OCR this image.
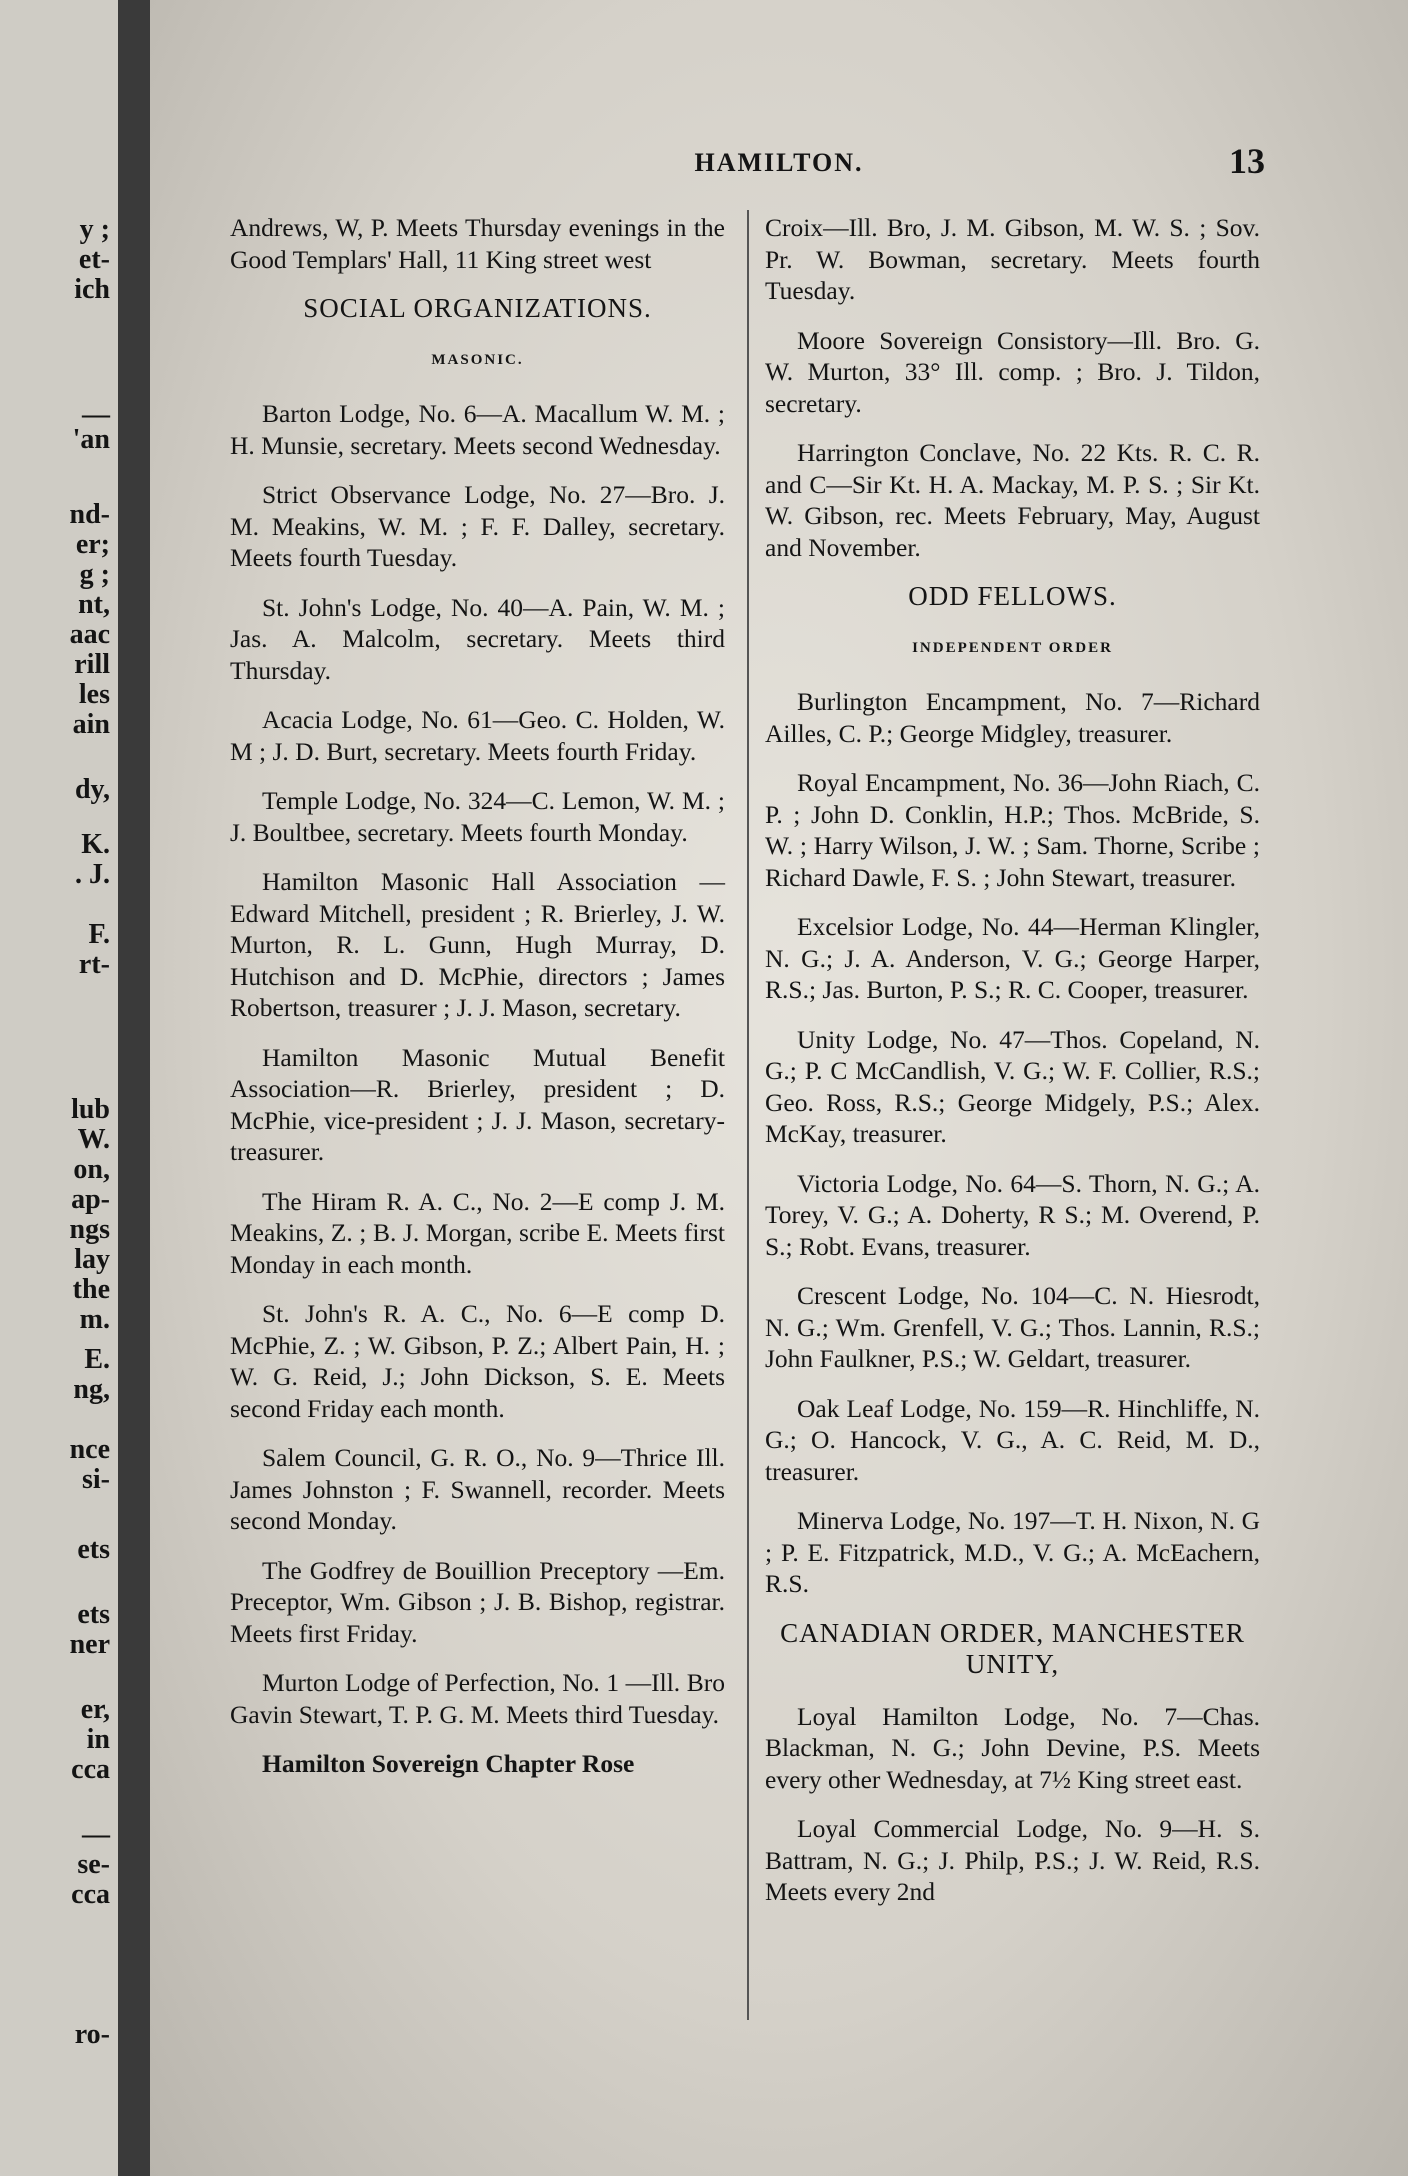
y ;
et-
ich
—
'an
nd-
er;
g ;
nt,
aac
rill
les
ain
dy,
K.
. J.
F.
rt-
lub
W.
on,
ap-
ngs
lay
the
m.
E.
ng,
nce
si-
ets
ets
ner
er,
in
cca
—
se-
cca
ro-
HAMILTON.	13

Andrews, W, P. Meets Thursday evenings in the Good Templars' Hall, 11 King street west

SOCIAL ORGANIZATIONS.
MASONIC.

Barton Lodge, No. 6—A. Macallum W. M. ; H. Munsie, secretary. Meets second Wednesday.

Strict Observance Lodge, No. 27—Bro. J. M. Meakins, W. M. ; F. F. Dalley, secretary. Meets fourth Tuesday.

St. John's Lodge, No. 40—A. Pain, W. M. ; Jas. A. Malcolm, secretary. Meets third Thursday.

Acacia Lodge, No. 61—Geo. C. Holden, W. M ; J. D. Burt, secretary. Meets fourth Friday.

Temple Lodge, No. 324—C. Lemon, W. M. ; J. Boultbee, secretary. Meets fourth Monday.

Hamilton Masonic Hall Association —Edward Mitchell, president ; R. Brierley, J. W. Murton, R. L. Gunn, Hugh Murray, D. Hutchison and D. McPhie, directors ; James Robertson, treasurer ; J. J. Mason, secretary.

Hamilton Masonic Mutual Benefit Association—R. Brierley, president ; D. McPhie, vice-president ; J. J. Mason, secretary-treasurer.

The Hiram R. A. C., No. 2—E comp J. M. Meakins, Z. ; B. J. Morgan, scribe E. Meets first Monday in each month.

St. John's R. A. C., No. 6—E comp D. McPhie, Z. ; W. Gibson, P. Z.; Albert Pain, H. ; W. G. Reid, J.; John Dickson, S. E. Meets second Friday each month.

Salem Council, G. R. O., No. 9—Thrice Ill. James Johnston ; F. Swannell, recorder. Meets second Monday.

The Godfrey de Bouillion Preceptory —Em. Preceptor, Wm. Gibson ; J. B. Bishop, registrar. Meets first Friday.

Murton Lodge of Perfection, No. 1 —Ill. Bro Gavin Stewart, T. P. G. M. Meets third Tuesday.

Hamilton Sovereign Chapter Rose

Croix—Ill. Bro, J. M. Gibson, M. W. S. ; Sov. Pr. W. Bowman, secretary. Meets fourth Tuesday.

Moore Sovereign Consistory—Ill. Bro. G. W. Murton, 33° Ill. comp. ; Bro. J. Tildon, secretary.

Harrington Conclave, No. 22 Kts. R. C. R. and C—Sir Kt. H. A. Mackay, M. P. S. ; Sir Kt. W. Gibson, rec. Meets February, May, August and November.

ODD FELLOWS.
INDEPENDENT ORDER

Burlington Encampment, No. 7—Richard Ailles, C. P.; George Midgley, treasurer.

Royal Encampment, No. 36—John Riach, C. P. ; John D. Conklin, H.P.; Thos. McBride, S. W. ; Harry Wilson, J. W. ; Sam. Thorne, Scribe ; Richard Dawle, F. S. ; John Stewart, treasurer.

Excelsior Lodge, No. 44—Herman Klingler, N. G.; J. A. Anderson, V. G.; George Harper, R.S.; Jas. Burton, P. S.; R. C. Cooper, treasurer.

Unity Lodge, No. 47—Thos. Copeland, N. G.; P. C McCandlish, V. G.; W. F. Collier, R.S.; Geo. Ross, R.S.; George Midgely, P.S.; Alex. McKay, treasurer.

Victoria Lodge, No. 64—S. Thorn, N. G.; A. Torey, V. G.; A. Doherty, R S.; M. Overend, P. S.; Robt. Evans, treasurer.

Crescent Lodge, No. 104—C. N. Hiesrodt, N. G.; Wm. Grenfell, V. G.; Thos. Lannin, R.S.; John Faulkner, P.S.; W. Geldart, treasurer.

Oak Leaf Lodge, No. 159—R. Hinchliffe, N. G.; O. Hancock, V. G., A. C. Reid, M. D., treasurer.

Minerva Lodge, No. 197—T. H. Nixon, N. G ; P. E. Fitzpatrick, M.D., V. G.; A. McEachern, R.S.

CANADIAN ORDER, MANCHESTER UNITY,

Loyal Hamilton Lodge, No. 7—Chas. Blackman, N. G.; John Devine, P.S. Meets every other Wednesday, at 7½ King street east.

Loyal Commercial Lodge, No. 9—H. S. Battram, N. G.; J. Philp, P.S.; J. W. Reid, R.S. Meets every 2nd
